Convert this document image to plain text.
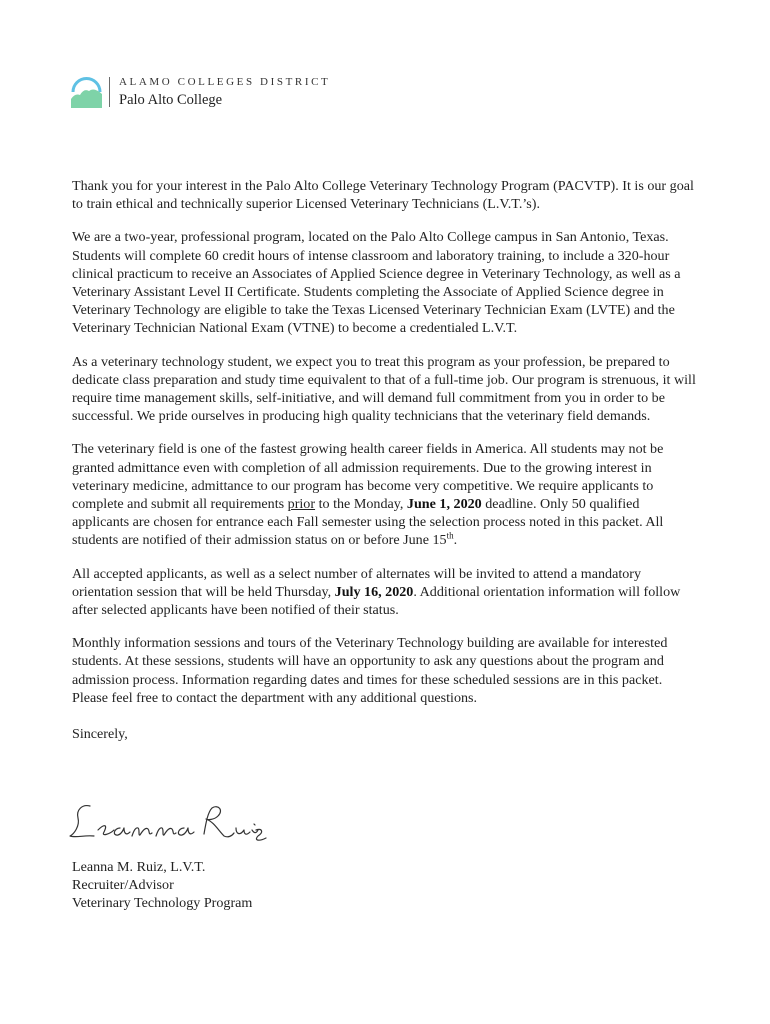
ALAMO COLLEGES DISTRICT
Palo Alto College

Thank you for your interest in the Palo Alto College Veterinary Technology Program (PACVTP). It is our goal to train ethical and technically superior Licensed Veterinary Technicians (L.V.T.’s).

We are a two-year, professional program, located on the Palo Alto College campus in San Antonio, Texas. Students will complete 60 credit hours of intense classroom and laboratory training, to include a 320-hour clinical practicum to receive an Associates of Applied Science degree in Veterinary Technology, as well as a Veterinary Assistant Level II Certificate. Students completing the Associate of Applied Science degree in Veterinary Technology are eligible to take the Texas Licensed Veterinary Technician Exam (LVTE) and the Veterinary Technician National Exam (VTNE) to become a credentialed L.V.T.

As a veterinary technology student, we expect you to treat this program as your profession, be prepared to dedicate class preparation and study time equivalent to that of a full-time job. Our program is strenuous, it will require time management skills, self-initiative, and will demand full commitment from you in order to be successful. We pride ourselves in producing high quality technicians that the veterinary field demands.

The veterinary field is one of the fastest growing health career fields in America. All students may not be granted admittance even with completion of all admission requirements. Due to the growing interest in veterinary medicine, admittance to our program has become very competitive. We require applicants to complete and submit all requirements prior to the Monday, June 1, 2020 deadline. Only 50 qualified applicants are chosen for entrance each Fall semester using the selection process noted in this packet. All students are notified of their admission status on or before June 15th.

All accepted applicants, as well as a select number of alternates will be invited to attend a mandatory orientation session that will be held Thursday, July 16, 2020. Additional orientation information will follow after selected applicants have been notified of their status.

Monthly information sessions and tours of the Veterinary Technology building are available for interested students. At these sessions, students will have an opportunity to ask any questions about the program and admission process. Information regarding dates and times for these scheduled sessions are in this packet. Please feel free to contact the department with any additional questions.

Sincerely,

Leanna M. Ruiz, L.V.T.
Recruiter/Advisor
Veterinary Technology Program
